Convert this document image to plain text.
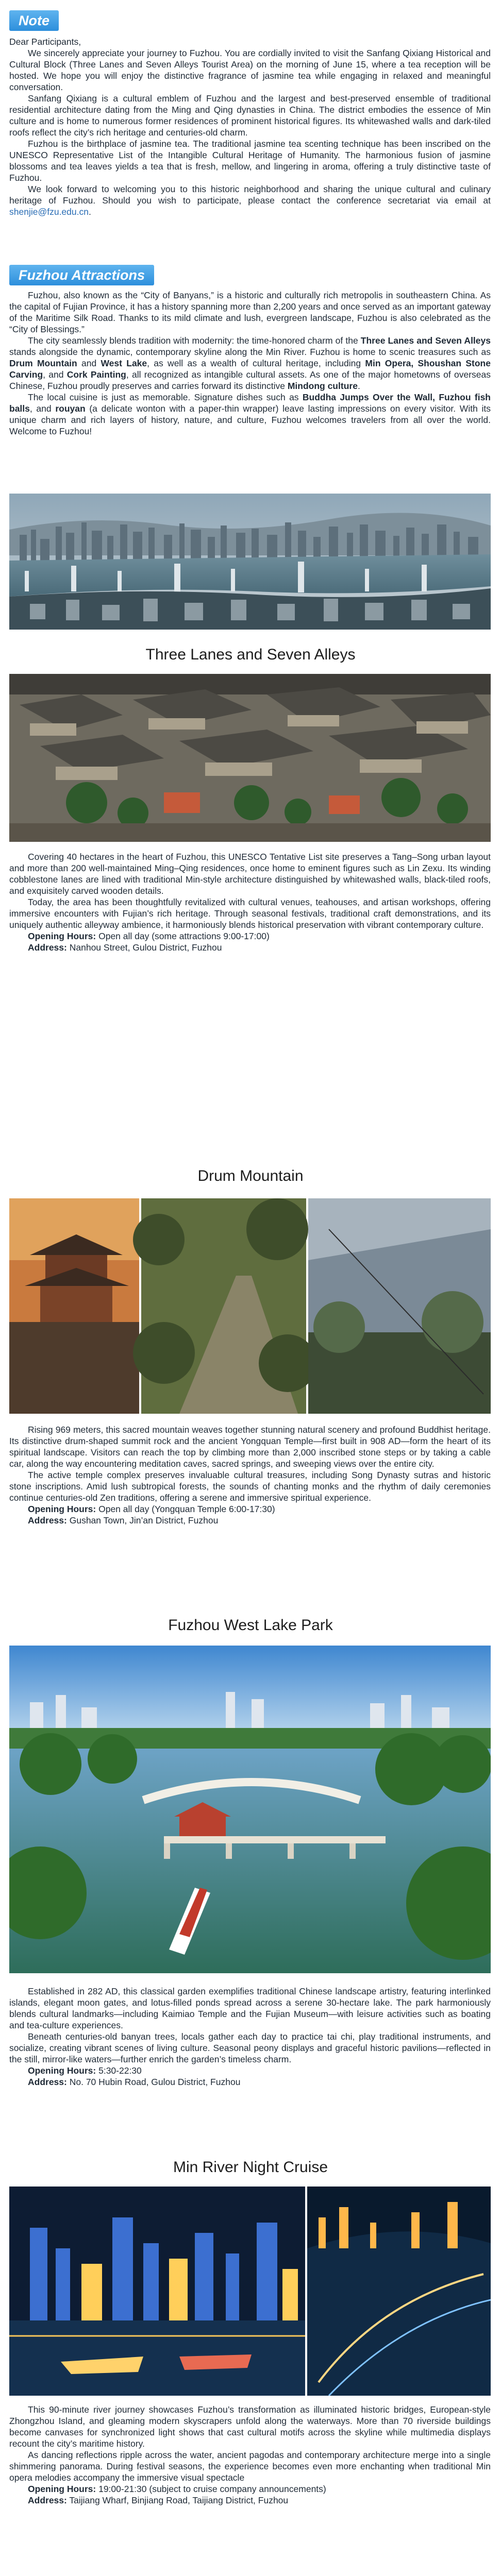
Note

Dear Participants,

We sincerely appreciate your journey to Fuzhou. You are cordially invited to visit the Sanfang Qixiang Historical and Cultural Block (Three Lanes and Seven Alleys Tourist Area) on the morning of June 15, where a tea reception will be hosted. We hope you will enjoy the distinctive fragrance of jasmine tea while engaging in relaxed and meaningful conversation.

Sanfang Qixiang is a cultural emblem of Fuzhou and the largest and best-preserved ensemble of traditional residential architecture dating from the Ming and Qing dynasties in China. The district embodies the essence of Min culture and is home to numerous former residences of prominent historical figures. Its whitewashed walls and dark-tiled roofs reflect the city’s rich heritage and centuries-old charm.

Fuzhou is the birthplace of jasmine tea. The traditional jasmine tea scenting technique has been inscribed on the UNESCO Representative List of the Intangible Cultural Heritage of Humanity. The harmonious fusion of jasmine blossoms and tea leaves yields a tea that is fresh, mellow, and lingering in aroma, offering a truly distinctive taste of Fuzhou.

We look forward to welcoming you to this historic neighborhood and sharing the unique cultural and culinary heritage of Fuzhou. Should you wish to participate, please contact the conference secretariat via email at shenjie@fzu.edu.cn.

Fuzhou Attractions

Fuzhou, also known as the “City of Banyans,” is a historic and culturally rich metropolis in southeastern China. As the capital of Fujian Province, it has a history spanning more than 2,200 years and once served as an important gateway of the Maritime Silk Road. Thanks to its mild climate and lush, evergreen landscape, Fuzhou is also celebrated as the “City of Blessings.”

The city seamlessly blends tradition with modernity: the time-honored charm of the Three Lanes and Seven Alleys stands alongside the dynamic, contemporary skyline along the Min River. Fuzhou is home to scenic treasures such as Drum Mountain and West Lake, as well as a wealth of cultural heritage, including Min Opera, Shoushan Stone Carving, and Cork Painting, all recognized as intangible cultural assets. As one of the major hometowns of overseas Chinese, Fuzhou proudly preserves and carries forward its distinctive Mindong culture.

The local cuisine is just as memorable. Signature dishes such as Buddha Jumps Over the Wall, Fuzhou fish balls, and rouyan (a delicate wonton with a paper-thin wrapper) leave lasting impressions on every visitor. With its unique charm and rich layers of history, nature, and culture, Fuzhou welcomes travelers from all over the world. Welcome to Fuzhou!

Three Lanes and Seven Alleys

Covering 40 hectares in the heart of Fuzhou, this UNESCO Tentative List site preserves a Tang–Song urban layout and more than 200 well-maintained Ming–Qing residences, once home to eminent figures such as Lin Zexu. Its winding cobblestone lanes are lined with traditional Min-style architecture distinguished by whitewashed walls, black-tiled roofs, and exquisitely carved wooden details.

Today, the area has been thoughtfully revitalized with cultural venues, teahouses, and artisan workshops, offering immersive encounters with Fujian’s rich heritage. Through seasonal festivals, traditional craft demonstrations, and its uniquely authentic alleyway ambience, it harmoniously blends historical preservation with vibrant contemporary culture.

Opening Hours: Open all day (some attractions 9:00-17:00)

Address: Nanhou Street, Gulou District, Fuzhou

Drum Mountain

Rising 969 meters, this sacred mountain weaves together stunning natural scenery and profound Buddhist heritage. Its distinctive drum-shaped summit rock and the ancient Yongquan Temple—first built in 908 AD—form the heart of its spiritual landscape. Visitors can reach the top by climbing more than 2,000 inscribed stone steps or by taking a cable car, along the way encountering meditation caves, sacred springs, and sweeping views over the entire city.

The active temple complex preserves invaluable cultural treasures, including Song Dynasty sutras and historic stone inscriptions. Amid lush subtropical forests, the sounds of chanting monks and the rhythm of daily ceremonies continue centuries-old Zen traditions, offering a serene and immersive spiritual experience.

Opening Hours: Open all day (Yongquan Temple 6:00-17:30)

Address: Gushan Town, Jin’an District, Fuzhou

Fuzhou West Lake Park

Established in 282 AD, this classical garden exemplifies traditional Chinese landscape artistry, featuring interlinked islands, elegant moon gates, and lotus-filled ponds spread across a serene 30-hectare lake. The park harmoniously blends cultural landmarks—including Kaimiao Temple and the Fujian Museum—with leisure activities such as boating and tea-culture experiences.

Beneath centuries-old banyan trees, locals gather each day to practice tai chi, play traditional instruments, and socialize, creating vibrant scenes of living culture. Seasonal peony displays and graceful historic pavilions—reflected in the still, mirror-like waters—further enrich the garden’s timeless charm.

Opening Hours: 5:30-22:30

Address: No. 70 Hubin Road, Gulou District, Fuzhou

Min River Night Cruise

This 90-minute river journey showcases Fuzhou’s transformation as illuminated historic bridges, European-style Zhongzhou Island, and gleaming modern skyscrapers unfold along the waterways. More than 70 riverside buildings become canvases for synchronized light shows that cast cultural motifs across the skyline while multimedia displays recount the city’s maritime history.

As dancing reflections ripple across the water, ancient pagodas and contemporary architecture merge into a single shimmering panorama. During festival seasons, the experience becomes even more enchanting when traditional Min opera melodies accompany the immersive visual spectacle

Opening Hours: 19:00-21:30 (subject to cruise company announcements)

Address: Taijiang Wharf, Binjiang Road, Taijiang District, Fuzhou
